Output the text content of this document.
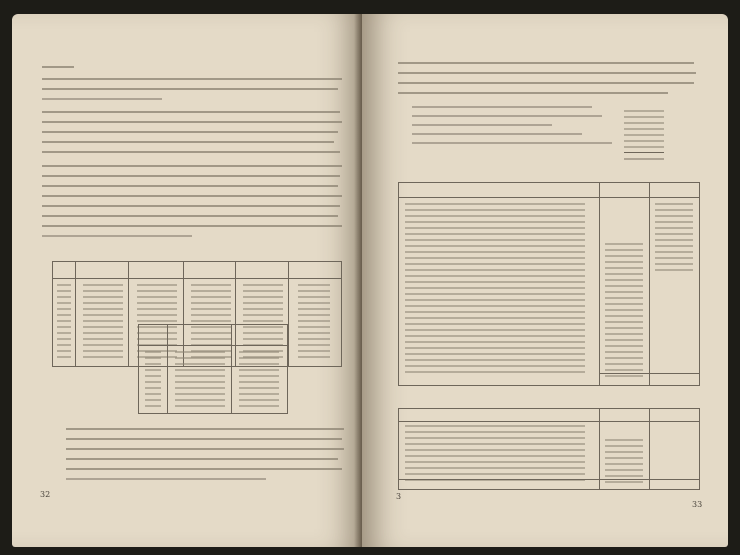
32	3
33
